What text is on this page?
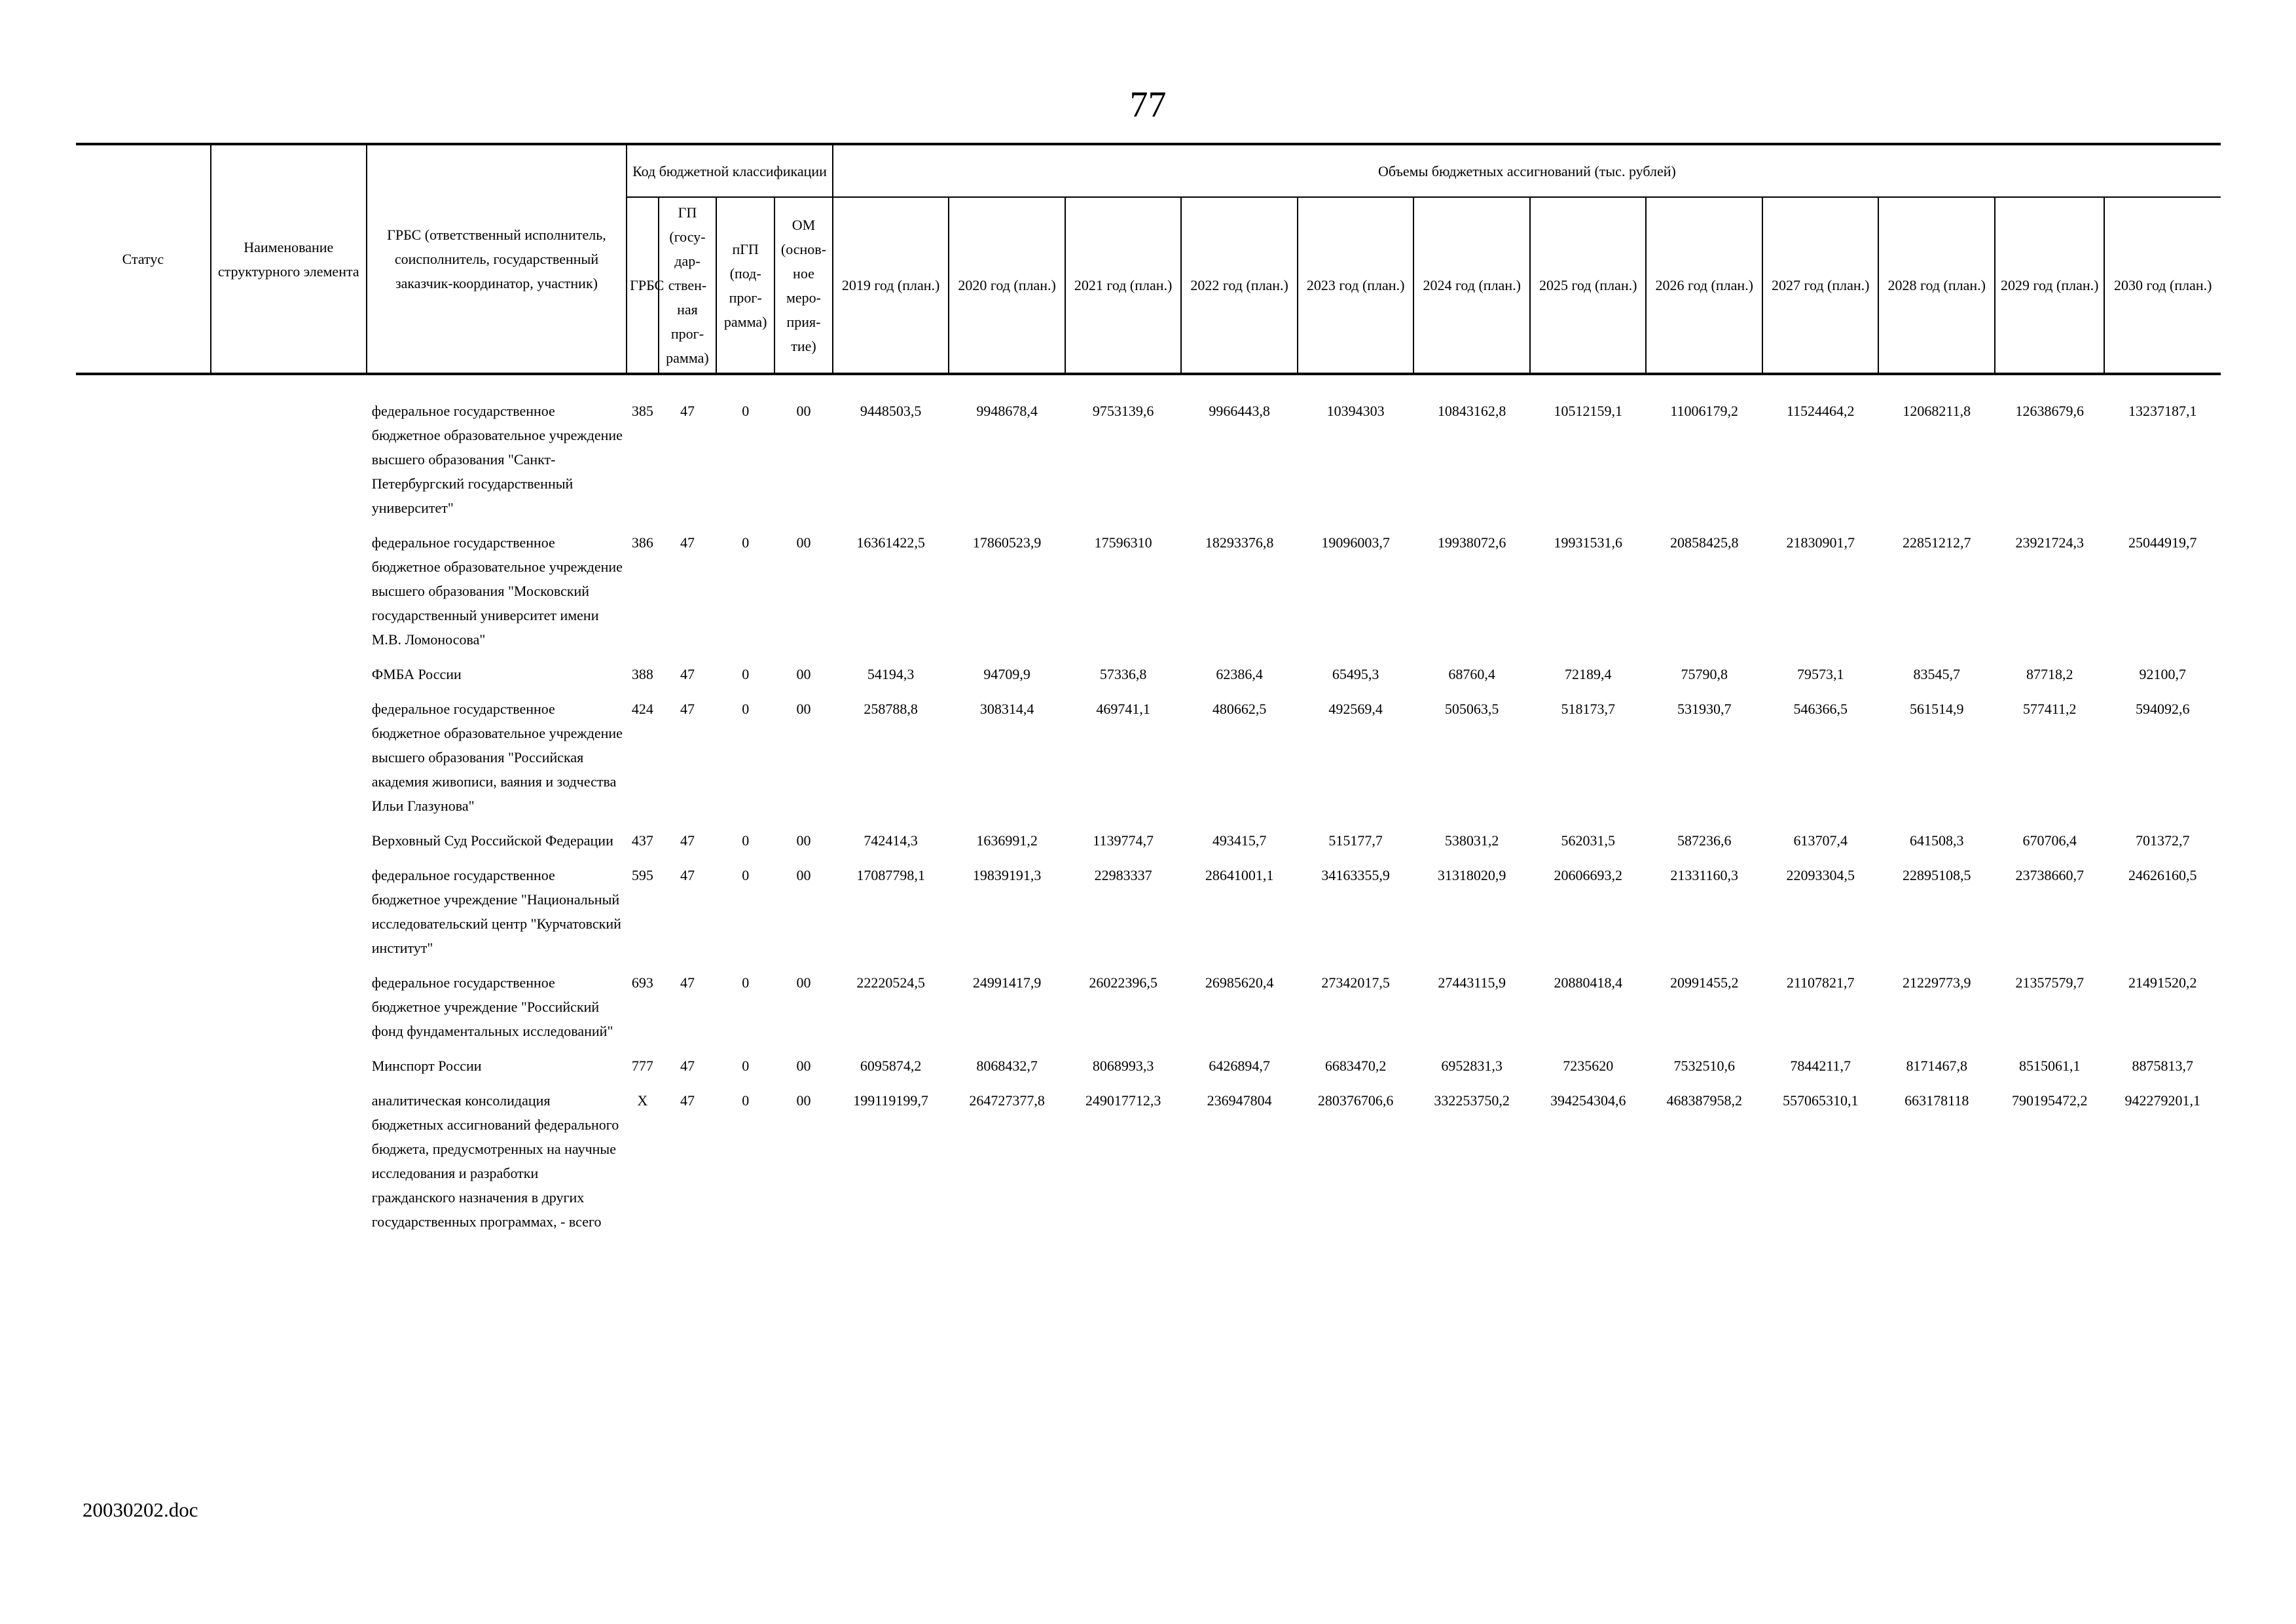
77
Статус	Наименование структурного элемента	ГРБС (ответственный исполнитель, соисполнитель, государственный заказчик-координатор, участник)	Код бюджетной классификации				Объемы бюджетных ассигнований (тыс. рублей)											
			ГРБС	ГП (госу-дар-ствен-ная прог-рамма)	пГП (под-прог-рамма)	ОМ (основ-ное меро-прия-тие)	2019 год (план.)	2020 год (план.)	2021 год (план.)	2022 год (план.)	2023 год (план.)	2024 год (план.)	2025 год (план.)	2026 год (план.)	2027 год (план.)	2028 год (план.)	2029 год (план.)	2030 год (план.)
		федеральное государственное бюджетное образовательное учреждение высшего образования "Санкт-Петербургский государственный университет"	385	47	0	00	9448503,5	9948678,4	9753139,6	9966443,8	10394303	10843162,8	10512159,1	11006179,2	11524464,2	12068211,8	12638679,6	13237187,1
		федеральное государственное бюджетное образовательное учреждение высшего образования "Московский государственный университет имени М.В. Ломоносова"	386	47	0	00	16361422,5	17860523,9	17596310	18293376,8	19096003,7	19938072,6	19931531,6	20858425,8	21830901,7	22851212,7	23921724,3	25044919,7
		ФМБА России	388	47	0	00	54194,3	94709,9	57336,8	62386,4	65495,3	68760,4	72189,4	75790,8	79573,1	83545,7	87718,2	92100,7
		федеральное государственное бюджетное образовательное учреждение высшего образования "Российская академия живописи, ваяния и зодчества Ильи Глазунова"	424	47	0	00	258788,8	308314,4	469741,1	480662,5	492569,4	505063,5	518173,7	531930,7	546366,5	561514,9	577411,2	594092,6
		Верховный Суд Российской Федерации	437	47	0	00	742414,3	1636991,2	1139774,7	493415,7	515177,7	538031,2	562031,5	587236,6	613707,4	641508,3	670706,4	701372,7
		федеральное государственное бюджетное учреждение "Национальный исследовательский центр "Курчатовский институт"	595	47	0	00	17087798,1	19839191,3	22983337	28641001,1	34163355,9	31318020,9	20606693,2	21331160,3	22093304,5	22895108,5	23738660,7	24626160,5
		федеральное государственное бюджетное учреждение "Российский фонд фундаментальных исследований"	693	47	0	00	22220524,5	24991417,9	26022396,5	26985620,4	27342017,5	27443115,9	20880418,4	20991455,2	21107821,7	21229773,9	21357579,7	21491520,2
		Минспорт России	777	47	0	00	6095874,2	8068432,7	8068993,3	6426894,7	6683470,2	6952831,3	7235620	7532510,6	7844211,7	8171467,8	8515061,1	8875813,7
		аналитическая консолидация бюджетных ассигнований федерального бюджета, предусмотренных на научные исследования и разработки гражданского назначения в других государственных программах, - всего	X	47	0	00	199119199,7	264727377,8	249017712,3	236947804	280376706,6	332253750,2	394254304,6	468387958,2	557065310,1	663178118	790195472,2	942279201,1
20030202.doc
